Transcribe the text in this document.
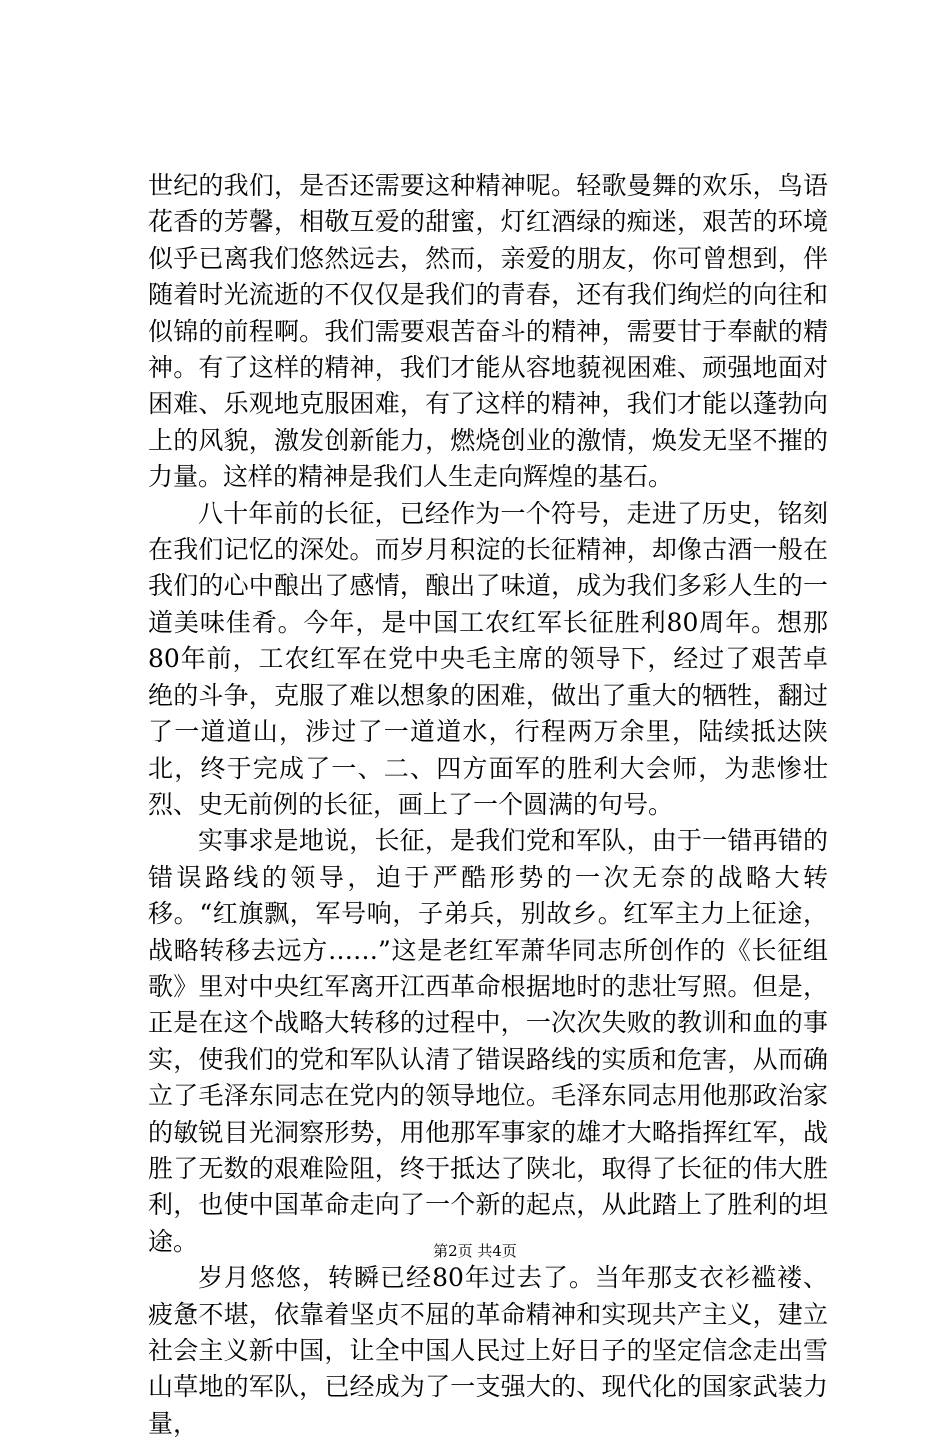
世纪的我们，是否还需要这种精神呢。轻歌曼舞的欢乐，鸟语花香的芳馨，相敬互爱的甜蜜，灯红酒绿的痴迷，艰苦的环境似乎已离我们悠然远去，然而，亲爱的朋友，你可曾想到，伴随着时光流逝的不仅仅是我们的青春，还有我们绚烂的向往和似锦的前程啊。我们需要艰苦奋斗的精神，需要甘于奉献的精神。有了这样的精神，我们才能从容地藐视困难、顽强地面对困难、乐观地克服困难，有了这样的精神，我们才能以蓬勃向上的风貌，激发创新能力，燃烧创业的激情，焕发无坚不摧的力量。这样的精神是我们人生走向辉煌的基石。

八十年前的长征，已经作为一个符号，走进了历史，铭刻在我们记忆的深处。而岁月积淀的长征精神，却像古酒一般在我们的心中酿出了感情，酿出了味道，成为我们多彩人生的一道美味佳肴。今年，是中国工农红军长征胜利80周年。想那80年前，工农红军在党中央毛主席的领导下，经过了艰苦卓绝的斗争，克服了难以想象的困难，做出了重大的牺牲，翻过了一道道山，涉过了一道道水，行程两万余里，陆续抵达陕北，终于完成了一、二、四方面军的胜利大会师，为悲惨壮烈、史无前例的长征，画上了一个圆满的句号。

实事求是地说，长征，是我们党和军队，由于一错再错的错误路线的领导，迫于严酷形势的一次无奈的战略大转移。“红旗飘，军号响，子弟兵，别故乡。红军主力上征途，战略转移去远方……”这是老红军萧华同志所创作的《长征组歌》里对中央红军离开江西革命根据地时的悲壮写照。但是，正是在这个战略大转移的过程中，一次次失败的教训和血的事实，使我们的党和军队认清了错误路线的实质和危害，从而确立了毛泽东同志在党内的领导地位。毛泽东同志用他那政治家的敏锐目光洞察形势，用他那军事家的雄才大略指挥红军，战胜了无数的艰难险阻，终于抵达了陕北，取得了长征的伟大胜利，也使中国革命走向了一个新的起点，从此踏上了胜利的坦途。

岁月悠悠，转瞬已经80年过去了。当年那支衣衫褴褛、疲惫不堪，依靠着坚贞不屈的革命精神和实现共产主义，建立社会主义新中国，让全中国人民过上好日子的坚定信念走出雪山草地的军队，已经成为了一支强大的、现代化的国家武装力量，

第2页 共4页
